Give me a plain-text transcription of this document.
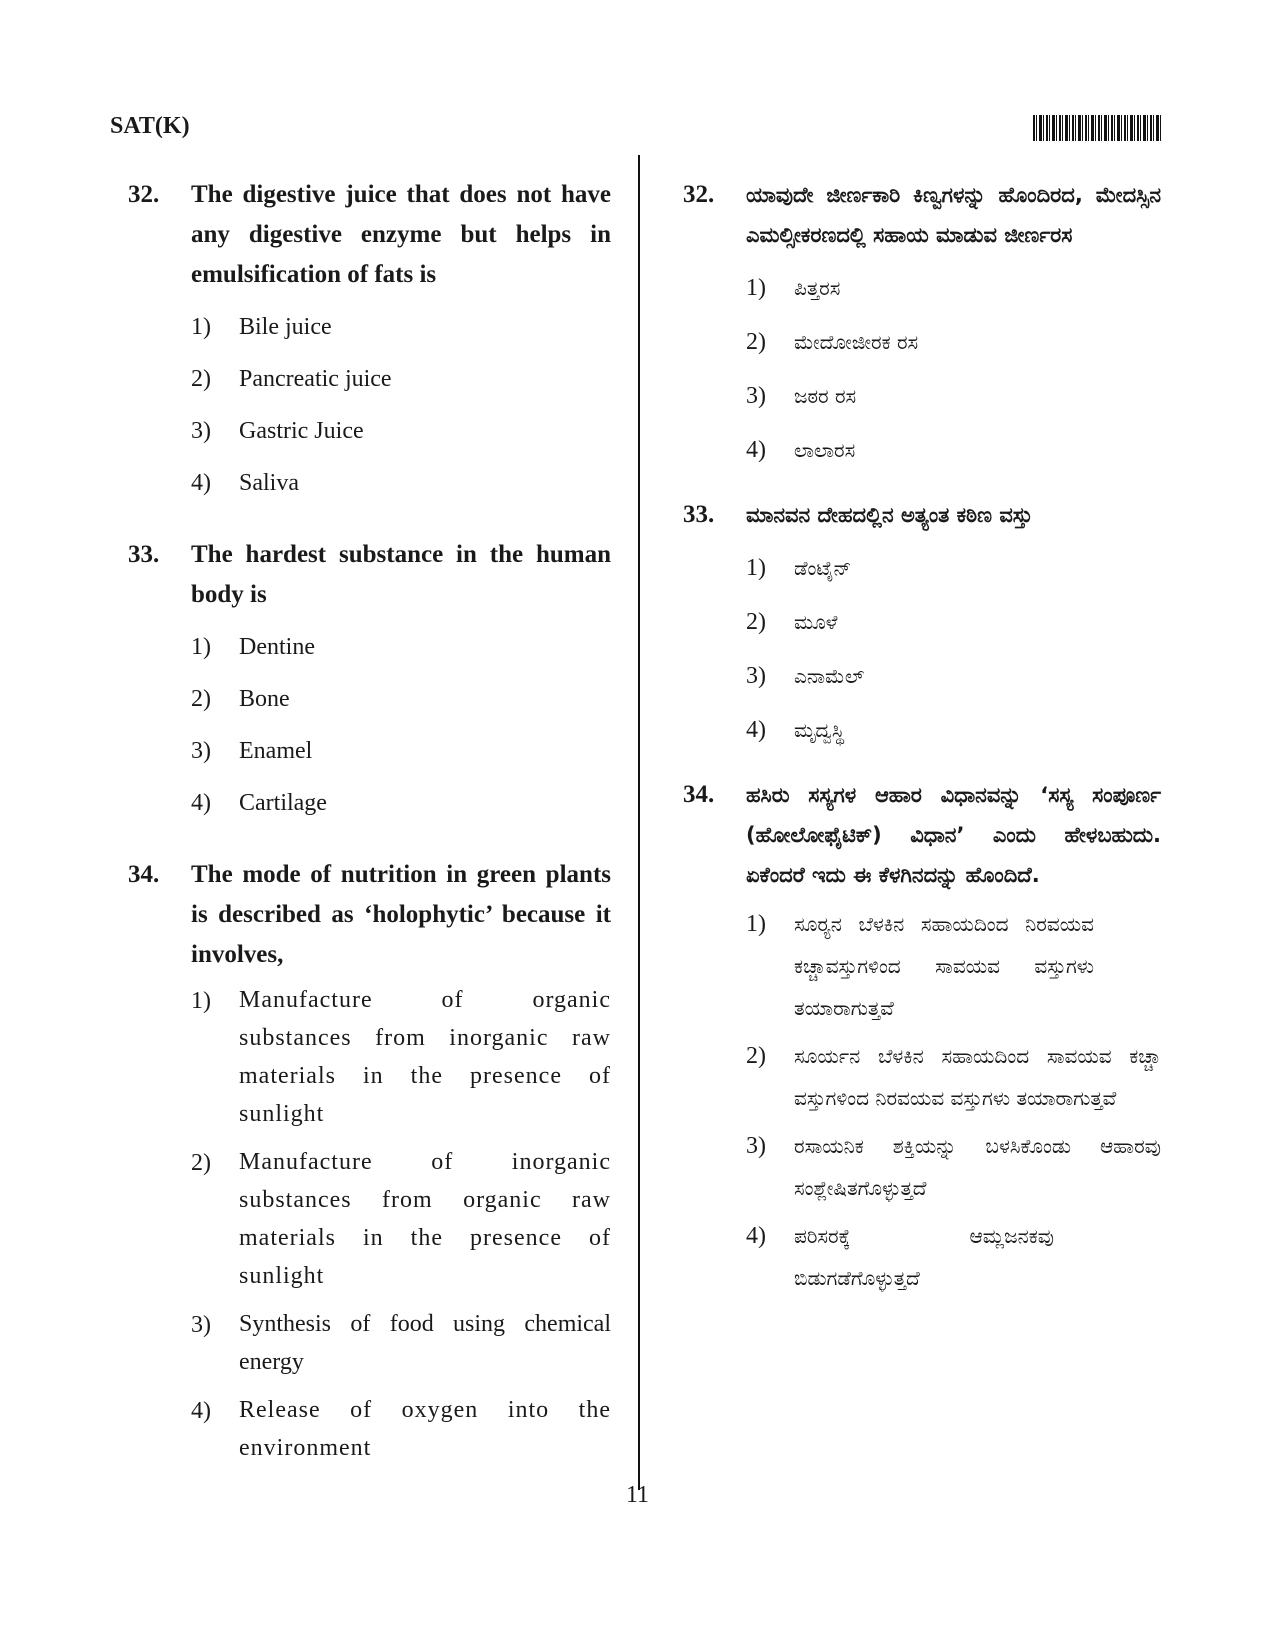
SAT(K)
32.	The digestive juice that does not have any digestive enzyme but helps in emulsification of fats is
1)	Bile juice
2)	Pancreatic juice
3)	Gastric Juice
4)	Saliva
33.	The hardest substance in the human body is
1)	Dentine
2)	Bone
3)	Enamel
4)	Cartilage
34.	The mode of nutrition in green plants is described as ‘holophytic’ because it involves,
1)	Manufacture of organic substances from inorganic raw materials in the presence of sunlight
2)	Manufacture of inorganic substances from organic raw materials in the presence of sunlight
3)	Synthesis of food using chemical energy
4)	Release of oxygen into the environment
32.	ಯಾವುದೇ ಜೀರ್ಣಕಾರಿ ಕಿಣ್ವಗಳನ್ನು ಹೊಂದಿರದ, ಮೇದಸ್ಸಿನ ಎಮಲ್ಸೀಕರಣದಲ್ಲಿ ಸಹಾಯ ಮಾಡುವ ಜೀರ್ಣರಸ
1)	ಪಿತ್ತರಸ
2)	ಮೇದೋಜೀರಕ ರಸ
3)	ಜಠರ ರಸ
4)	ಲಾಲಾರಸ
33.	ಮಾನವನ ದೇಹದಲ್ಲಿನ ಅತ್ಯಂತ ಕಠಿಣ ವಸ್ತು
1)	ಡೆಂಟೈನ್
2)	ಮೂಳೆ
3)	ಎನಾಮೆಲ್
4)	ಮೃದ್ವಸ್ಥಿ
34.	ಹಸಿರು ಸಸ್ಯಗಳ ಆಹಾರ ವಿಧಾನವನ್ನು ‘ಸಸ್ಯ ಸಂಪೂರ್ಣ (ಹೋಲೋಫೈಟಿಕ್) ವಿಧಾನ’ ಎಂದು ಹೇಳಬಹುದು. ಏಕೆಂದರೆ ಇದು ಈ ಕೆಳಗಿನದನ್ನು ಹೊಂದಿದೆ.
1)	ಸೂರ‍್ಯನ ಬೆಳಕಿನ ಸಹಾಯದಿಂದ ನಿರವಯವ ಕಚ್ಚಾವಸ್ತುಗಳಿಂದ ಸಾವಯವ ವಸ್ತುಗಳು ತಯಾರಾಗುತ್ತವೆ
2)	ಸೂರ್ಯನ ಬೆಳಕಿನ ಸಹಾಯದಿಂದ ಸಾವಯವ ಕಚ್ಚಾ ವಸ್ತುಗಳಿಂದ ನಿರವಯವ ವಸ್ತುಗಳು ತಯಾರಾಗುತ್ತವೆ
3)	ರಸಾಯನಿಕ ಶಕ್ತಿಯನ್ನು ಬಳಸಿಕೊಂಡು ಆಹಾರವು ಸಂಶ್ಲೇಷಿತಗೊಳ್ಳುತ್ತದೆ
4)	ಪರಿಸರಕ್ಕೆ ಆಮ್ಲಜನಕವು ಬಿಡುಗಡೆಗೊಳ್ಳುತ್ತದೆ
11
